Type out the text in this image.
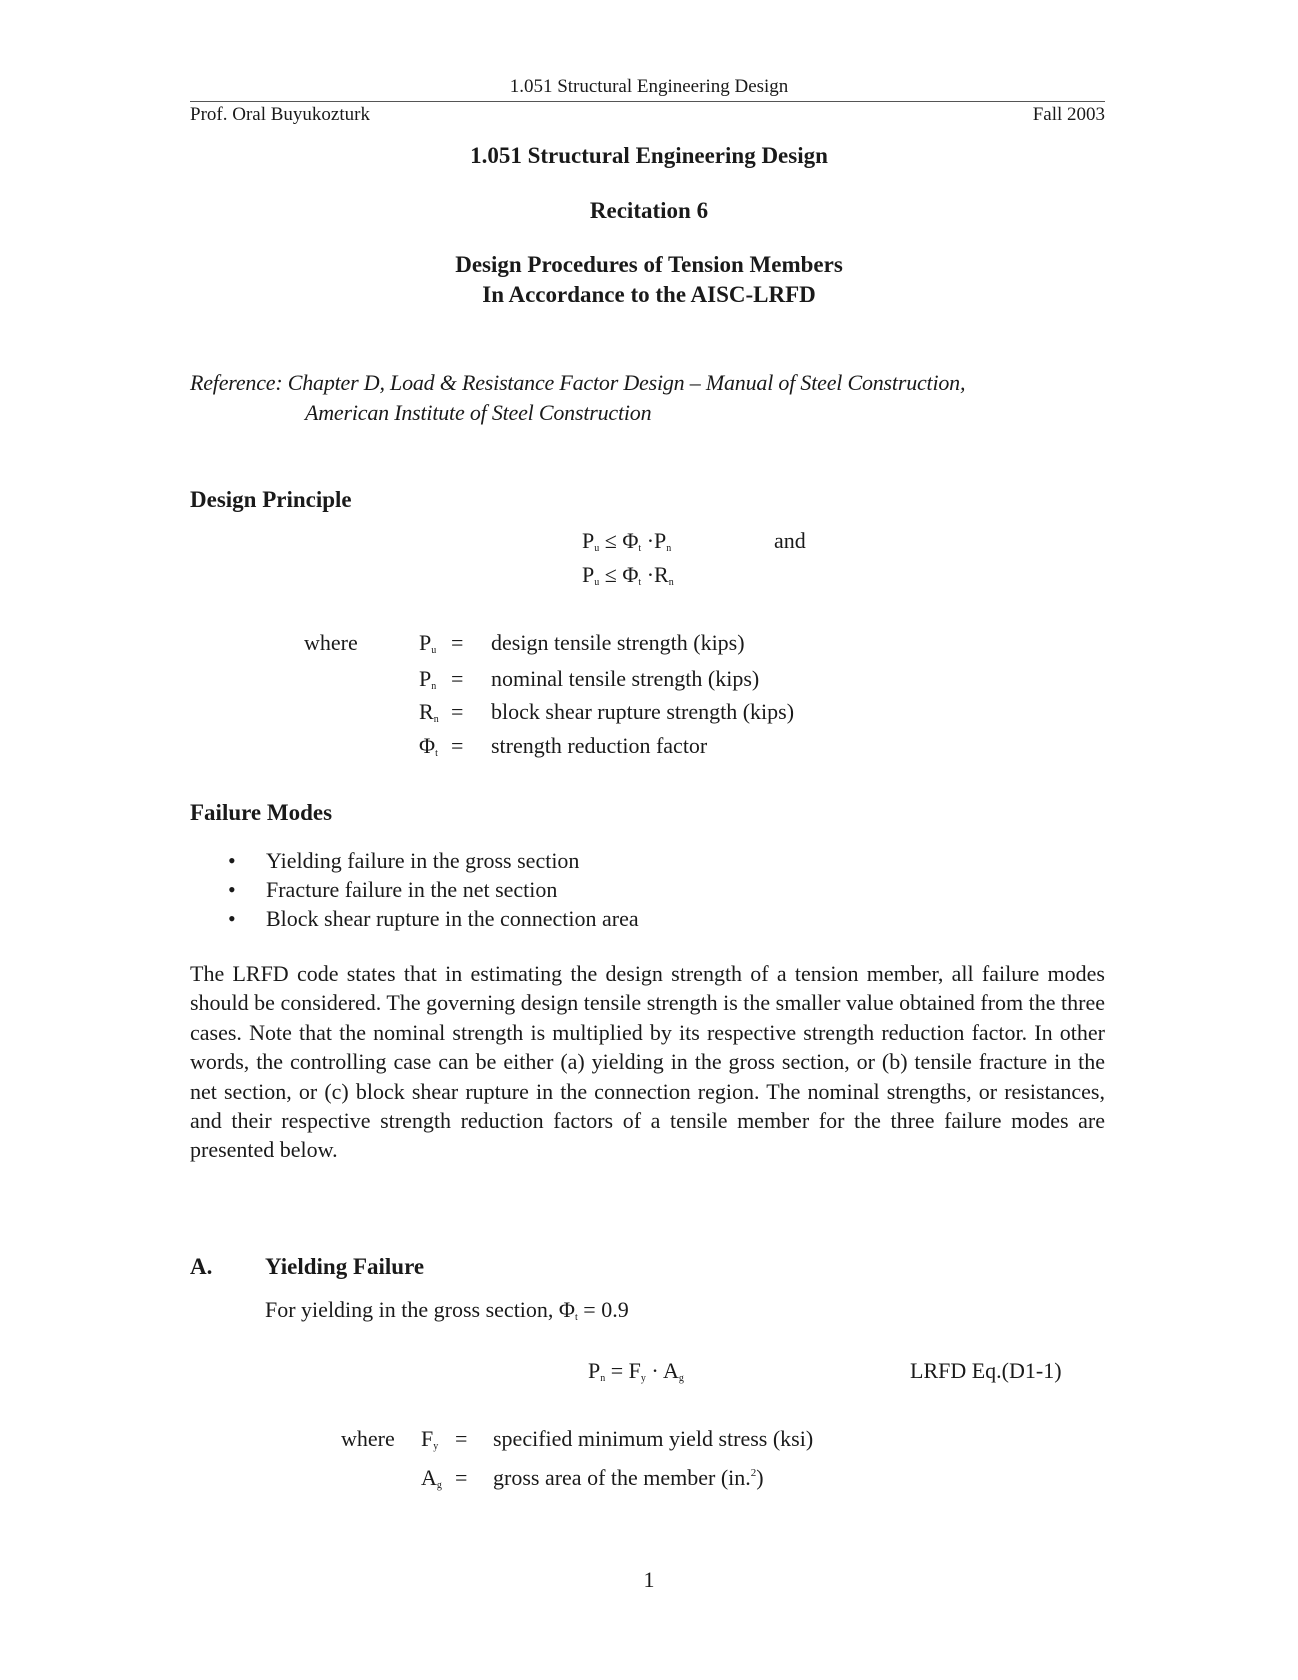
1.051 Structural Engineering Design
Prof. Oral Buyukozturk	Fall 2003
1.051 Structural Engineering Design
Recitation 6
Design Procedures of Tension Members
In Accordance to the AISC-LRFD
Reference: Chapter D, Load & Resistance Factor Design – Manual of Steel Construction,
American Institute of Steel Construction
Design Principle
$P_u \le \Phi_t \cdot P_n$	and
$P_u \le \Phi_t \cdot R_n$
where	$P_u$ = design tensile strength (kips)
$P_n$ = nominal tensile strength (kips)
$R_n$ = block shear rupture strength (kips)
$\Phi_t$ = strength reduction factor
Failure Modes
•	Yielding failure in the gross section
•	Fracture failure in the net section
•	Block shear rupture in the connection area
The LRFD code states that in estimating the design strength of a tension member, all failure modes should be considered. The governing design tensile strength is the smaller value obtained from the three cases. Note that the nominal strength is multiplied by its respective strength reduction factor. In other words, the controlling case can be either (a) yielding in the gross section, or (b) tensile fracture in the net section, or (c) block shear rupture in the connection region. The nominal strengths, or resistances, and their respective strength reduction factors of a tensile member for the three failure modes are presented below.
A. Yielding Failure
For yielding in the gross section, $\Phi_t = 0.9$
$P_n = F_y \cdot A_g$	LRFD Eq.(D1-1)
where $F_y$ = specified minimum yield stress (ksi)
$A_g$ = gross area of the member (in.$^2$)
1
